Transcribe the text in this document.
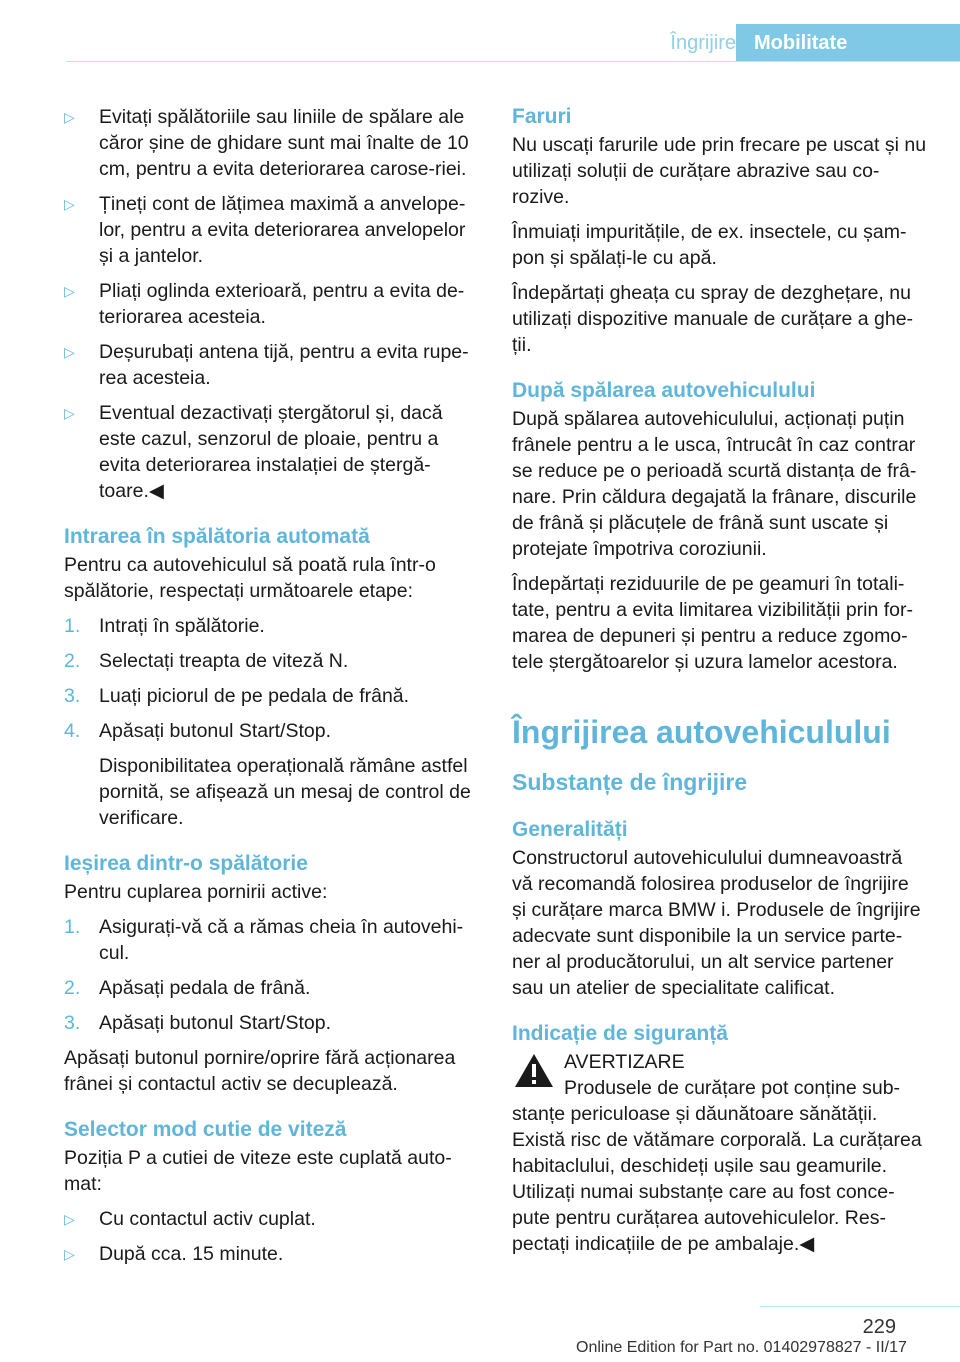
Îngrijire Mobilitate
▷ Evitați spălătoriile sau liniile de spălare ale căror șine de ghidare sunt mai înalte de 10 cm, pentru a evita deteriorarea carose‐riei.
▷ Țineți cont de lățimea maximă a anvelope‐lor, pentru a evita deteriorarea anvelopelor și a jantelor.
▷ Pliați oglinda exterioară, pentru a evita de‐teriorarea acesteia.
▷ Deșurubați antena tijă, pentru a evita rupe‐rea acesteia.
▷ Eventual dezactivați ștergătorul și, dacă este cazul, senzorul de ploaie, pentru a evita deteriorarea instalației de ștergă‐toare.◀
Intrarea în spălătoria automată

Pentru ca autovehiculul să poată rula într-o spălătorie, respectați următoarele etape:

1. Intrați în spălătorie.
2. Selectați treapta de viteză N.
3. Luați piciorul de pe pedala de frână.
4. Apăsați butonul Start/Stop.
Disponibilitatea operațională rămâne astfel pornită, se afișează un mesaj de control de verificare.
Ieșirea dintr-o spălătorie

Pentru cuplarea pornirii active:

1. Asigurați-vă că a rămas cheia în autovehi‐cul.
2. Apăsați pedala de frână.
3. Apăsați butonul Start/Stop.

Apăsați butonul pornire/oprire fără acționarea frânei și contactul activ se decuplează.

Selector mod cutie de viteză

Poziția P a cutiei de viteze este cuplată auto‐mat:

▷ Cu contactul activ cuplat.
▷ După cca. 15 minute.
Faruri

Nu uscați farurile ude prin frecare pe uscat și nu utilizați soluții de curățare abrazive sau co‐rozive.

Înmuiați impuritățile, de ex. insectele, cu șam‐pon și spălați-le cu apă.

Îndepărtați gheața cu spray de dezghețare, nu utilizați dispozitive manuale de curățare a ghe‐ții.

După spălarea autovehiculului

După spălarea autovehiculului, acționați puțin frânele pentru a le usca, întrucât în caz contrar se reduce pe o perioadă scurtă distanța de frâ‐nare. Prin căldura degajată la frânare, discurile de frână și plăcuțele de frână sunt uscate și protejate împotriva coroziunii.

Îndepărtați reziduurile de pe geamuri în totali‐tate, pentru a evita limitarea vizibilității prin for‐marea de depuneri și pentru a reduce zgomo‐tele ștergătoarelor și uzura lamelor acestora.

Îngrijirea autovehiculului
Substanțe de îngrijire
Generalități

Constructorul autovehiculului dumneavoastră vă recomandă folosirea produselor de îngrijire și curățare marca BMW i. Produsele de îngrijire adecvate sunt disponibile la un service parte‐ner al producătorului, un alt service partener sau un atelier de specialitate calificat.

Indicație de siguranță
AVERTIZARE
Produsele de curățare pot conține sub‐

stanțe periculoase și dăunătoare sănătății. Există risc de vătămare corporală. La curățarea habitaclului, deschideți ușile sau geamurile. Utilizați numai substanțe care au fost conce‐pute pentru curățarea autovehiculelor. Res‐pectați indicațiile de pe ambalaje.◀

229
Online Edition for Part no. 01402978827 - II/17
